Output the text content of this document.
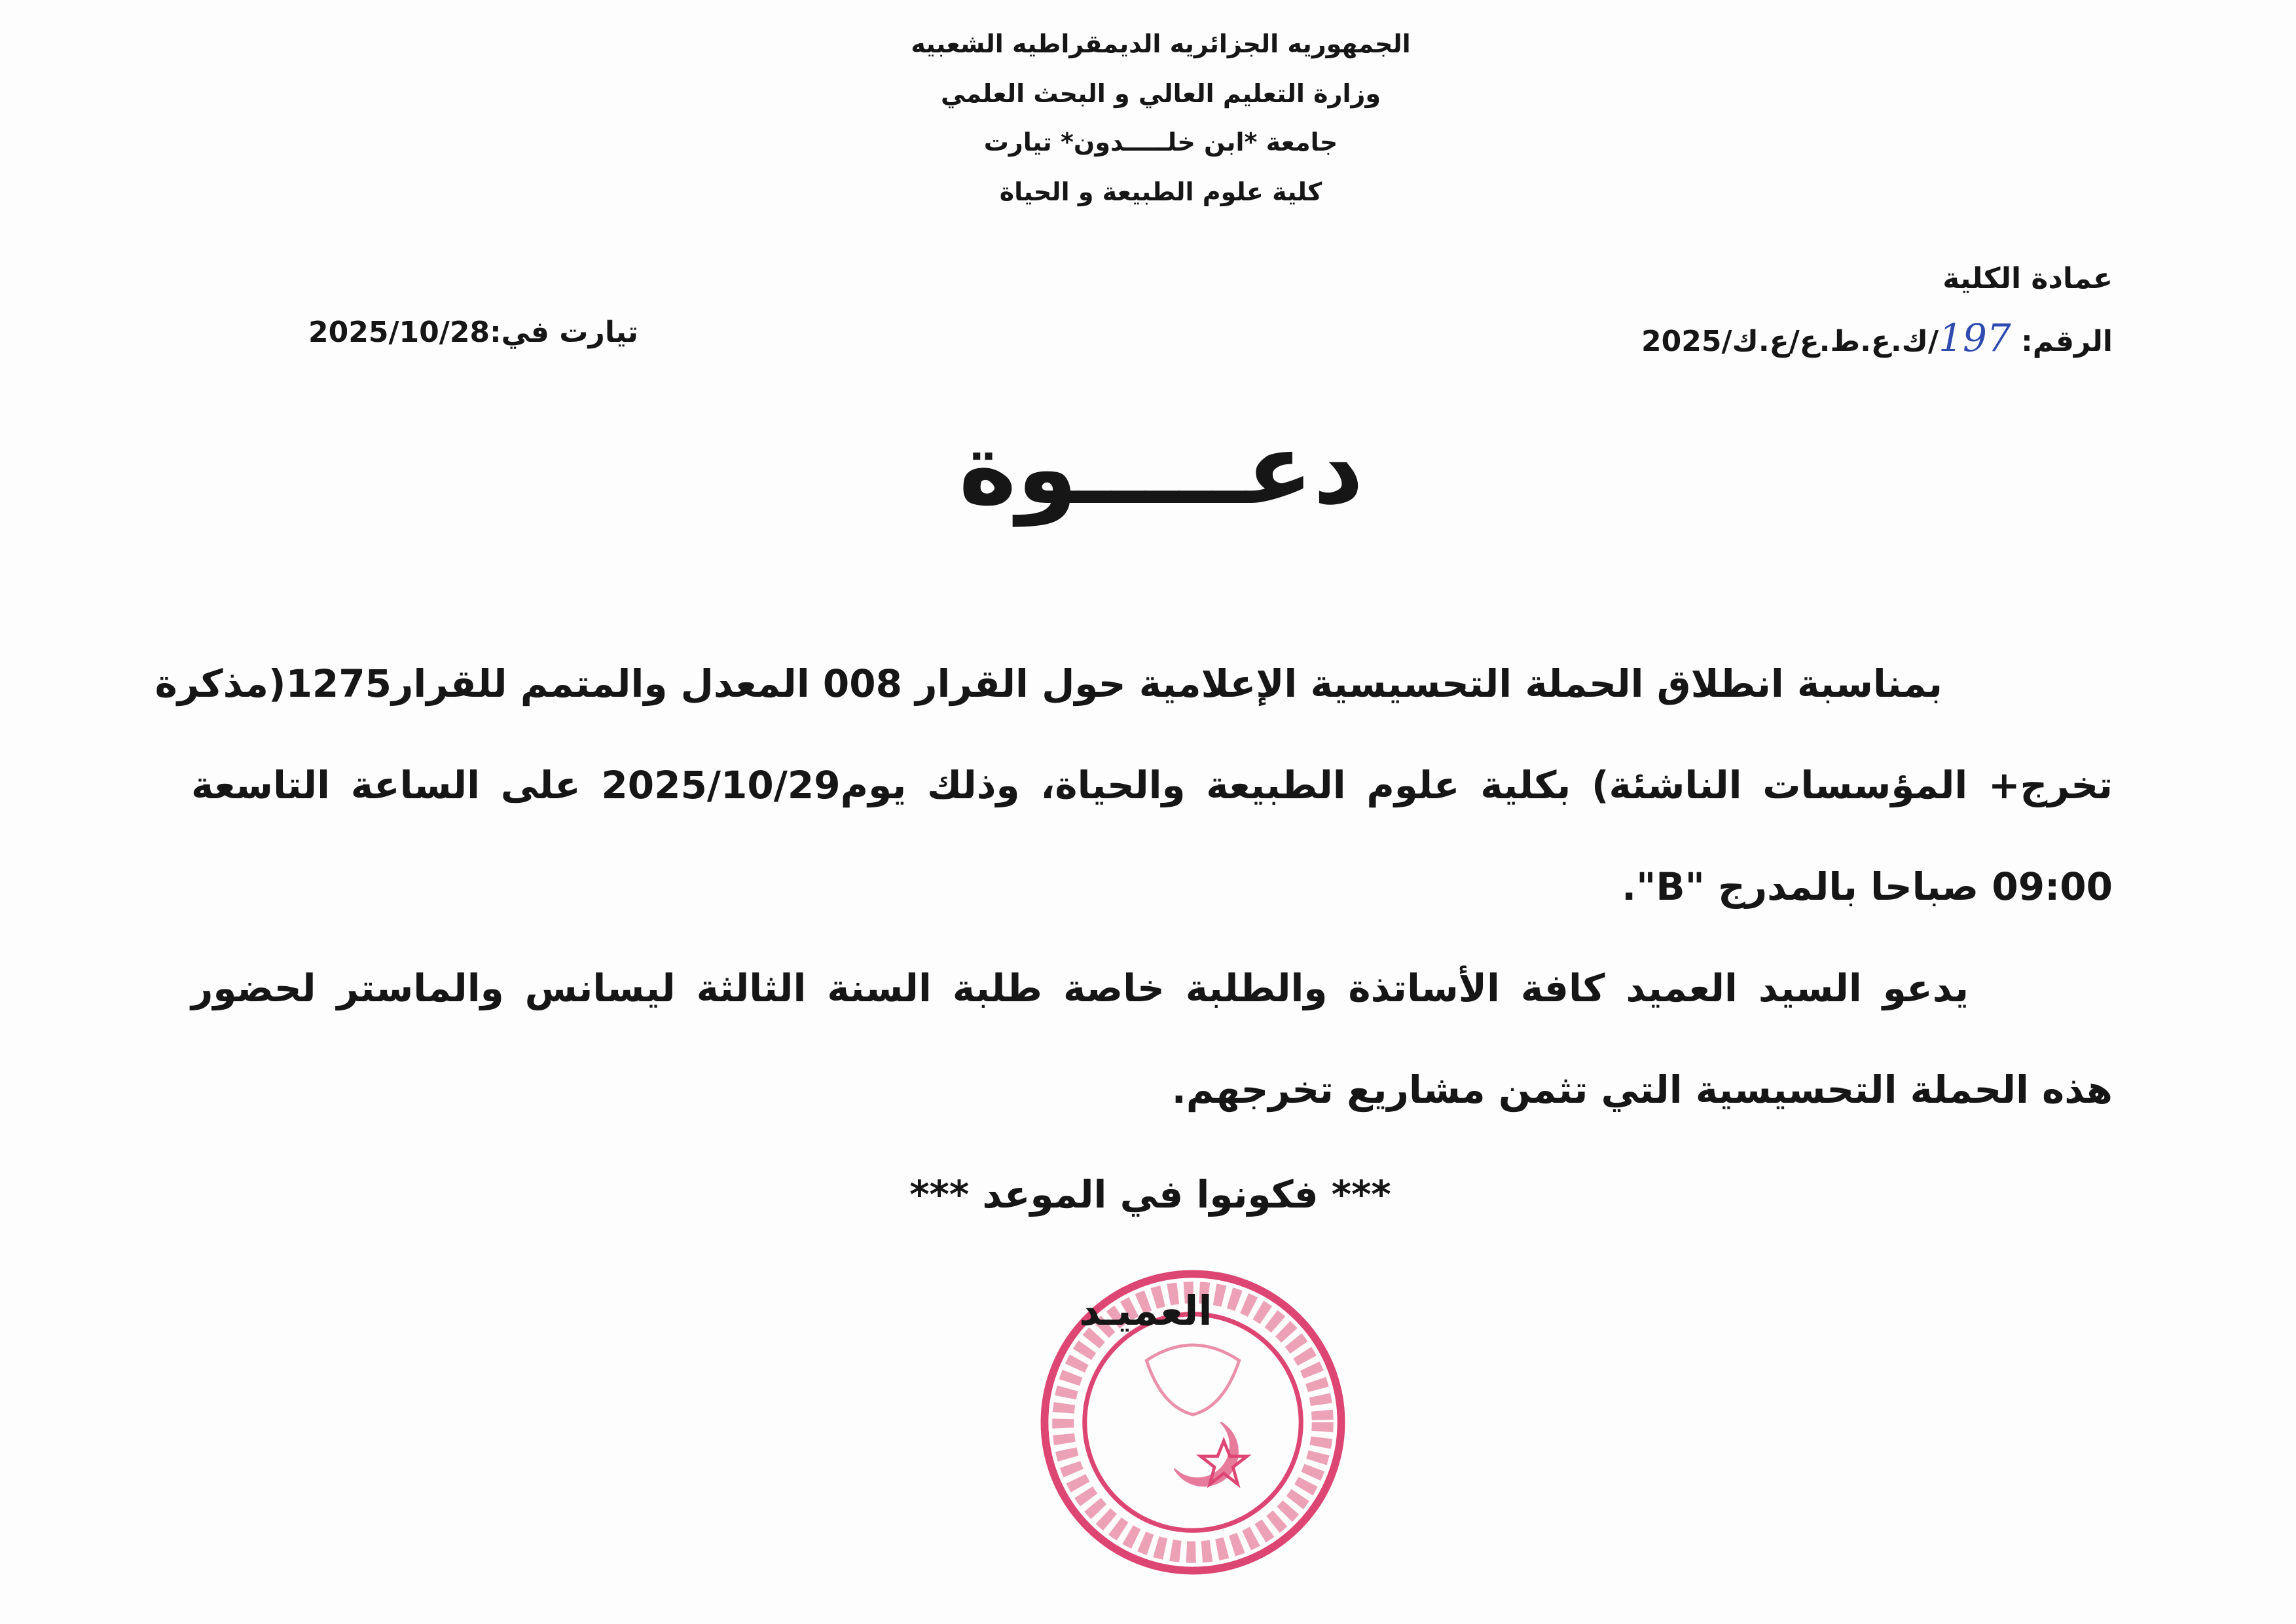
الجمهوريه الجزائريه الديمقراطيه الشعبيه
وزارة التعليم العالي و البحث العلمي
جامعة *ابن خلـــــدون* تيارت
كلية علوم الطبيعة و الحياة
عمادة الكلية
الرقم: 197/ك.ع.ط.ع/ع.ك/2025
تيارت في:2025/10/28
دعـــــوة
بمناسبة انطلاق الحملة التحسيسية الإعلامية حول القرار 008 المعدل والمتمم للقرار1275(مذكرة
تخرج+ المؤسسات الناشئة) بكلية علوم الطبيعة والحياة، وذلك يوم2025/10/29 على الساعة التاسعة
09:00 صباحا بالمدرج "B".
يدعو السيد العميد كافة الأساتذة والطلبة خاصة طلبة السنة الثالثة ليسانس والماستر لحضور
هذه الحملة التحسيسية التي تثمن مشاريع تخرجهم.
*** فكونوا في الموعد ***
العميـد
